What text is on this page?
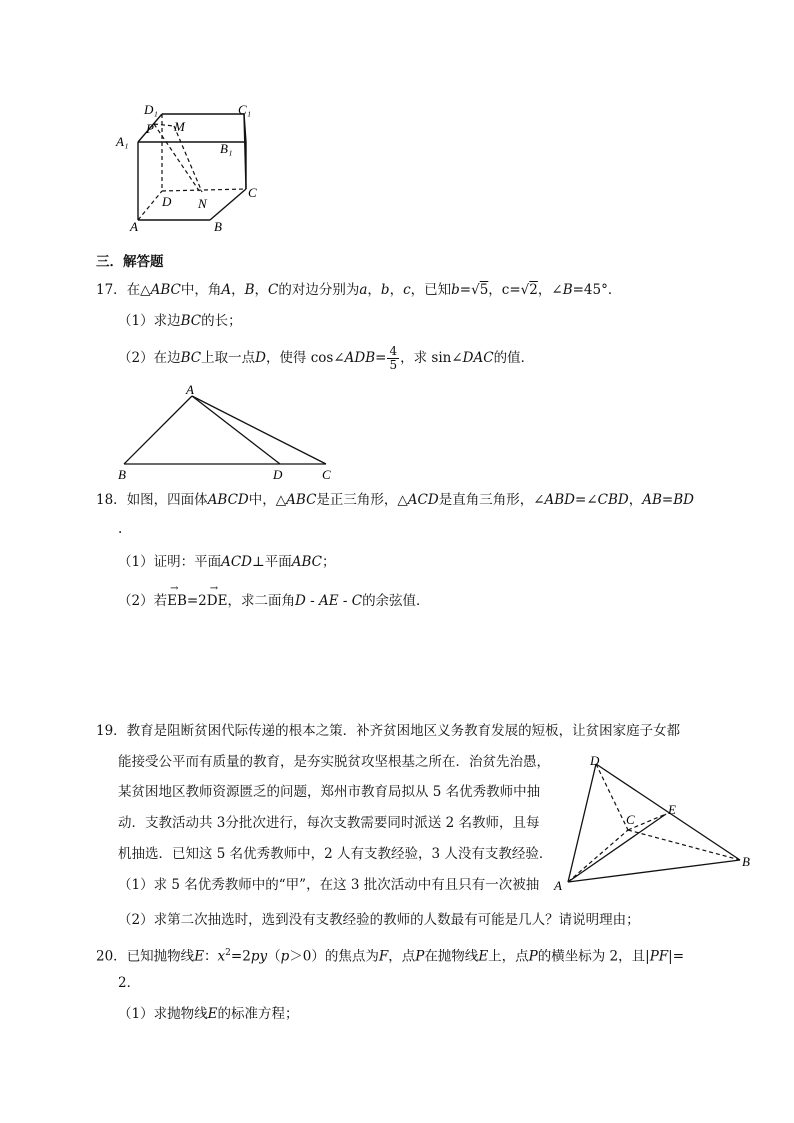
D₁	C₁
A₁	B₁
P M
D N
C
A	B
三．解答题
17．在△ABC中，角A，B，C的对边分别为a，b，c，已知b=√5，c=√2，∠B=45°．
（1）求边BC的长；
（2）在边BC上取一点D，使得 cos∠ADB= $\frac{4}{5}$ ，求 sin∠DAC的值．
A
B	D	C
18．如图，四面体ABCD中，△ABC是正三角形，△ACD是直角三角形，∠ABD=∠CBD，AB=BD
.
（1）证明：平面ACD⊥平面ABC；
（2）若→ EB=2→ DE，求二面角D - AE - C的余弦值．
19．教育是阻断贫困代际传递的根本之策．补齐贫困地区义务教育发展的短板，让贫困家庭子女都
能接受公平而有质量的教育，是夯实脱贫攻坚根基之所在．治贫先治愚，
某贫困地区教师资源匮乏的问题，郑州市教育局拟从 5 名优秀教师中抽
动．支教活动共 3分批次进行，每次支教需要同时派送 2 名教师，且每
机抽选．已知这 5 名优秀教师中，2 人有支教经验，3 人没有支教经验．
（1）求 5 名优秀教师中的“甲”，在这 3 批次活动中有且只有一次被抽
D
E
C
B
A
（2）求第二次抽选时，选到没有支教经验的教师的人数最有可能是几人？请说明理由；
20．已知抛物线E：$x^2=2py(p>0)$的焦点为F，点P在抛物线E上，点P的横坐标为 2，且|PF|=
2．
（1）求抛物线E的标准方程；
